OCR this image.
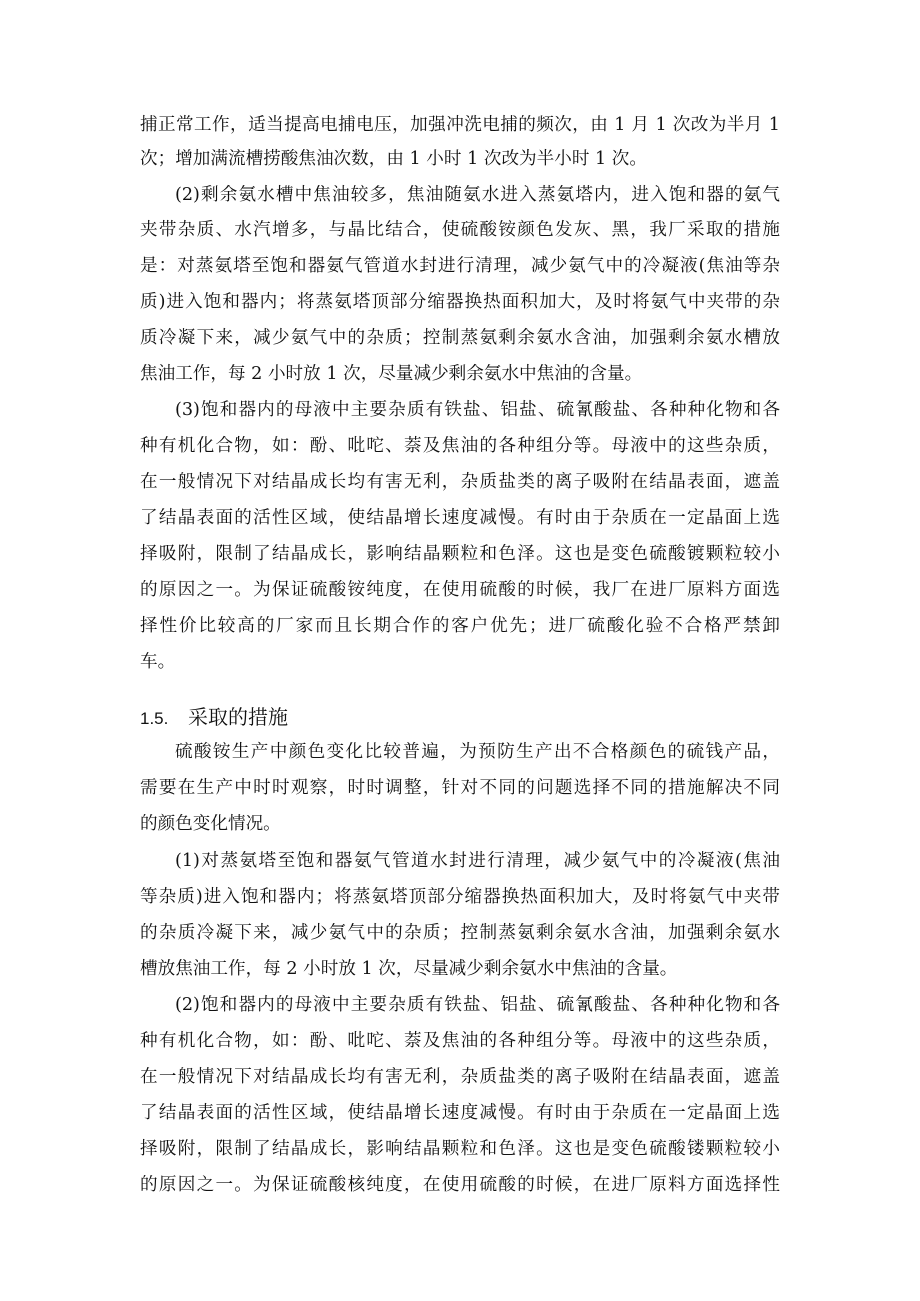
捕正常工作，适当提高电捕电压，加强冲洗电捕的频次，由 1 月 1 次改为半月 1
次；增加满流槽捞酸焦油次数，由 1 小时 1 次改为半小时 1 次。
(2)剩余氨水槽中焦油较多，焦油随氨水进入蒸氨塔内，进入饱和器的氨气
夹带杂质、水汽增多，与晶比结合，使硫酸铵颜色发灰、黑，我厂采取的措施
是：对蒸氨塔至饱和器氨气管道水封进行清理，减少氨气中的冷凝液(焦油等杂
质)进入饱和器内；将蒸氨塔顶部分缩器换热面积加大，及时将氨气中夹带的杂
质冷凝下来，减少氨气中的杂质；控制蒸氨剩余氨水含油，加强剩余氨水槽放
焦油工作，每 2 小时放 1 次，尽量减少剩余氨水中焦油的含量。
(3)饱和器内的母液中主要杂质有铁盐、铝盐、硫氰酸盐、各种种化物和各
种有机化合物，如：酚、吡咜、萘及焦油的各种组分等。母液中的这些杂质，
在一般情况下对结晶成长均有害无利，杂质盐类的离子吸附在结晶表面，遮盖
了结晶表面的活性区域，使结晶增长速度减慢。有时由于杂质在一定晶面上选
择吸附，限制了结晶成长，影响结晶颗粒和色泽。这也是变色硫酸镀颗粒较小
的原因之一。为保证硫酸铵纯度，在使用硫酸的时候，我厂在进厂原料方面选
择性价比较高的厂家而且长期合作的客户优先；进厂硫酸化验不合格严禁卸
车。
1.5. 采取的措施
硫酸铵生产中颜色变化比较普遍，为预防生产出不合格颜色的硫钱产品，
需要在生产中时时观察，时时调整，针对不同的问题选择不同的措施解决不同
的颜色变化情况。
(1)对蒸氨塔至饱和器氨气管道水封进行清理，减少氨气中的冷凝液(焦油
等杂质)进入饱和器内；将蒸氨塔顶部分缩器换热面积加大，及时将氨气中夹带
的杂质冷凝下来，减少氨气中的杂质；控制蒸氨剩余氨水含油，加强剩余氨水
槽放焦油工作，每 2 小时放 1 次，尽量减少剩余氨水中焦油的含量。
(2)饱和器内的母液中主要杂质有铁盐、铝盐、硫氰酸盐、各种种化物和各
种有机化合物，如：酚、吡咜、萘及焦油的各种组分等。母液中的这些杂质，
在一般情况下对结晶成长均有害无利，杂质盐类的离子吸附在结晶表面，遮盖
了结晶表面的活性区域，使结晶增长速度减慢。有时由于杂质在一定晶面上选
择吸附，限制了结晶成长，影响结晶颗粒和色泽。这也是变色硫酸镂颗粒较小
的原因之一。为保证硫酸核纯度，在使用硫酸的时候，在进厂原料方面选择性
